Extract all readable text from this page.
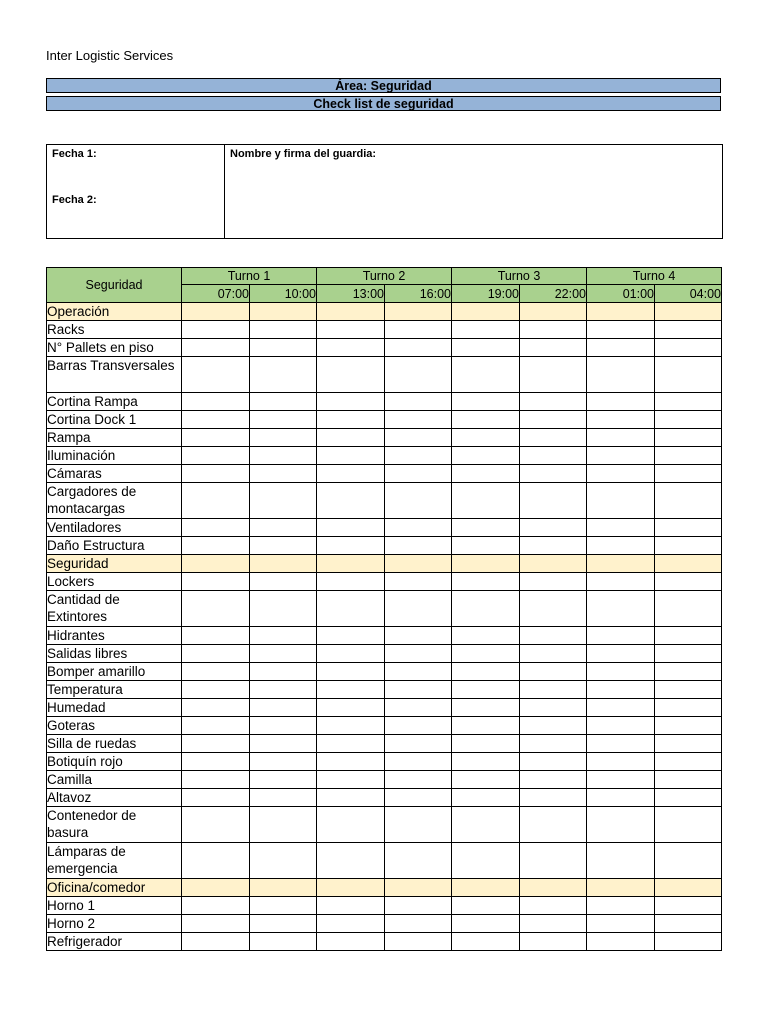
Inter Logistic Services
Área: Seguridad
Check list de seguridad
Fecha 1:
Fecha 2:
Nombre y firma del guardia:
Seguridad	Turno 1		Turno 2		Turno 3		Turno 4	
	07:00	10:00	13:00	16:00	19:00	22:00	01:00	04:00
Operación								
Racks								
N° Pallets en piso								
Barras Transversales								
Cortina Rampa								
Cortina Dock 1								
Rampa								
Iluminación								
Cámaras								
Cargadores de montacargas								
Ventiladores								
Daño Estructura								
Seguridad								
Lockers								
Cantidad de Extintores								
Hidrantes								
Salidas libres								
Bomper amarillo								
Temperatura								
Humedad								
Goteras								
Silla de ruedas								
Botiquín rojo								
Camilla								
Altavoz								
Contenedor de basura								
Lámparas de emergencia								
Oficina/comedor								
Horno 1								
Horno 2								
Refrigerador								
